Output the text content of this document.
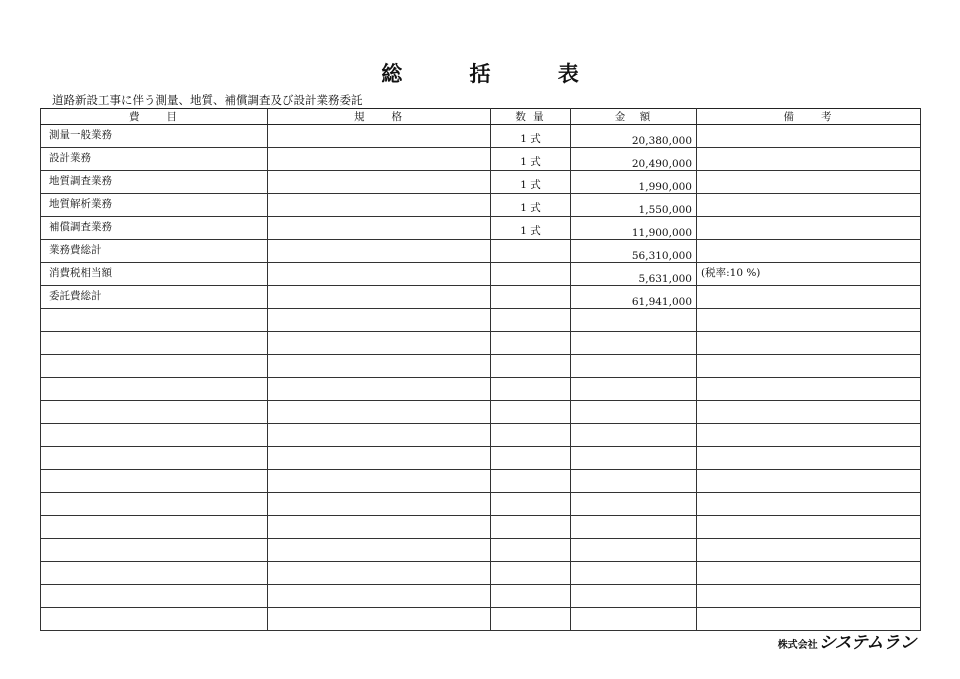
総 括 表
道路新設工事に伴う測量、地質、補償調査及び設計業務委託
費　　目	規　　格	数 量	金　額	備　　考

測量一般業務		1 式	20,380,000	

設計業務		1 式	20,490,000	

地質調査業務		1 式	1,990,000	

地質解析業務		1 式	1,550,000	

補償調査業務		1 式	11,900,000	

業務費総計			56,310,000	

消費税相当額			5,631,000	(税率:10 %)

委託費総計			61,941,000	

株式会社 システムラン
